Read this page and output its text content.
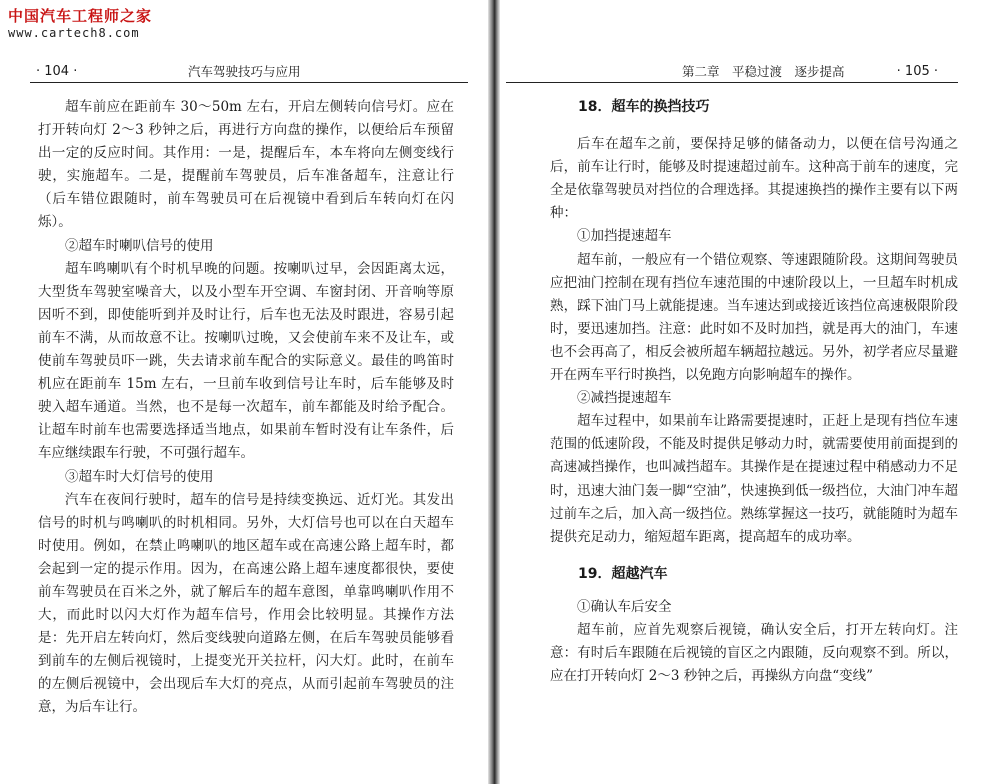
中国汽车工程师之家
www.cartech8.com
· 104 ·	汽车驾驶技巧与应用

超车前应在距前车 30～50m 左右，开启左侧转向信号灯。应在打开转向灯 2～3 秒钟之后，再进行方向盘的操作，以便给后车预留出一定的反应时间。其作用：一是，提醒后车，本车将向左侧变线行驶，实施超车。二是，提醒前车驾驶员，后车准备超车，注意让行（后车错位跟随时，前车驾驶员可在后视镜中看到后车转向灯在闪烁）。

②超车时喇叭信号的使用

超车鸣喇叭有个时机早晚的问题。按喇叭过早，会因距离太远，大型货车驾驶室噪音大，以及小型车开空调、车窗封闭、开音响等原因听不到，即使能听到并及时让行，后车也无法及时跟进，容易引起前车不满，从而故意不让。按喇叭过晚，又会使前车来不及让车，或使前车驾驶员吓一跳，失去请求前车配合的实际意义。最佳的鸣笛时机应在距前车 15m 左右，一旦前车收到信号让车时，后车能够及时驶入超车通道。当然，也不是每一次超车，前车都能及时给予配合。让超车时前车也需要选择适当地点，如果前车暂时没有让车条件，后车应继续跟车行驶，不可强行超车。

③超车时大灯信号的使用

汽车在夜间行驶时，超车的信号是持续变换远、近灯光。其发出信号的时机与鸣喇叭的时机相同。另外，大灯信号也可以在白天超车时使用。例如，在禁止鸣喇叭的地区超车或在高速公路上超车时，都会起到一定的提示作用。因为，在高速公路上超车速度都很快，要使前车驾驶员在百米之外，就了解后车的超车意图，单靠鸣喇叭作用不大，而此时以闪大灯作为超车信号，作用会比较明显。其操作方法是：先开启左转向灯，然后变线驶向道路左侧，在后车驾驶员能够看到前车的左侧后视镜时，上提变光开关拉杆，闪大灯。此时，在前车的左侧后视镜中，会出现后车大灯的亮点，从而引起前车驾驶员的注意，为后车让行。

第二章　平稳过渡　逐步提高	· 105 ·
18．超车的换挡技巧

后车在超车之前，要保持足够的储备动力，以便在信号沟通之后，前车让行时，能够及时提速超过前车。这种高于前车的速度，完全是依靠驾驶员对挡位的合理选择。其提速换挡的操作主要有以下两种：

①加挡提速超车

超车前，一般应有一个错位观察、等速跟随阶段。这期间驾驶员应把油门控制在现有挡位车速范围的中速阶段以上，一旦超车时机成熟，踩下油门马上就能提速。当车速达到或接近该挡位高速极限阶段时，要迅速加挡。注意：此时如不及时加挡，就是再大的油门，车速也不会再高了，相反会被所超车辆超拉越远。另外，初学者应尽量避开在两车平行时换挡，以免跑方向影响超车的操作。

②减挡提速超车

超车过程中，如果前车让路需要提速时，正赶上是现有挡位车速范围的低速阶段，不能及时提供足够动力时，就需要使用前面提到的高速减挡操作，也叫减挡超车。其操作是在提速过程中稍感动力不足时，迅速大油门轰一脚“空油”，快速换到低一级挡位，大油门冲车超过前车之后，加入高一级挡位。熟练掌握这一技巧，就能随时为超车提供充足动力，缩短超车距离，提高超车的成功率。

19．超越汽车

①确认车后安全

超车前，应首先观察后视镜，确认安全后，打开左转向灯。注意：有时后车跟随在后视镜的盲区之内跟随，反向观察不到。所以，应在打开转向灯 2～3 秒钟之后，再操纵方向盘“变线”
